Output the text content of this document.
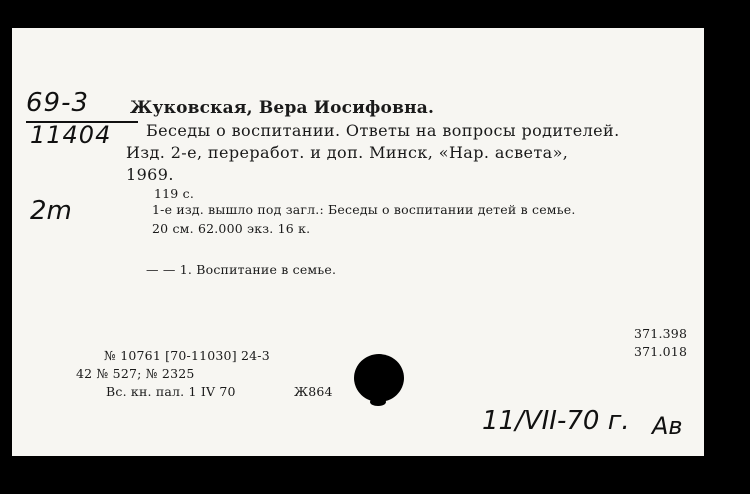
69-3
11404
2m
Жуковская, Вера Иосифовна.
Беседы о воспитании. Ответы на вопросы родителей.
Изд. 2-е, переработ. и доп. Минск, «Нар. асвета»,
1969.
119 с.
1-е изд. вышло под загл.: Беседы о воспитании детей в семье.
20 см. 62.000 экз. 16 к.
— — 1. Воспитание в семье.
371.398
371.018
№ 10761 [70-11030] 24-3
42 № 527; № 2325
Вс. кн. пал. 1 IV 70	Ж864
11/VII-70 г. Ав
